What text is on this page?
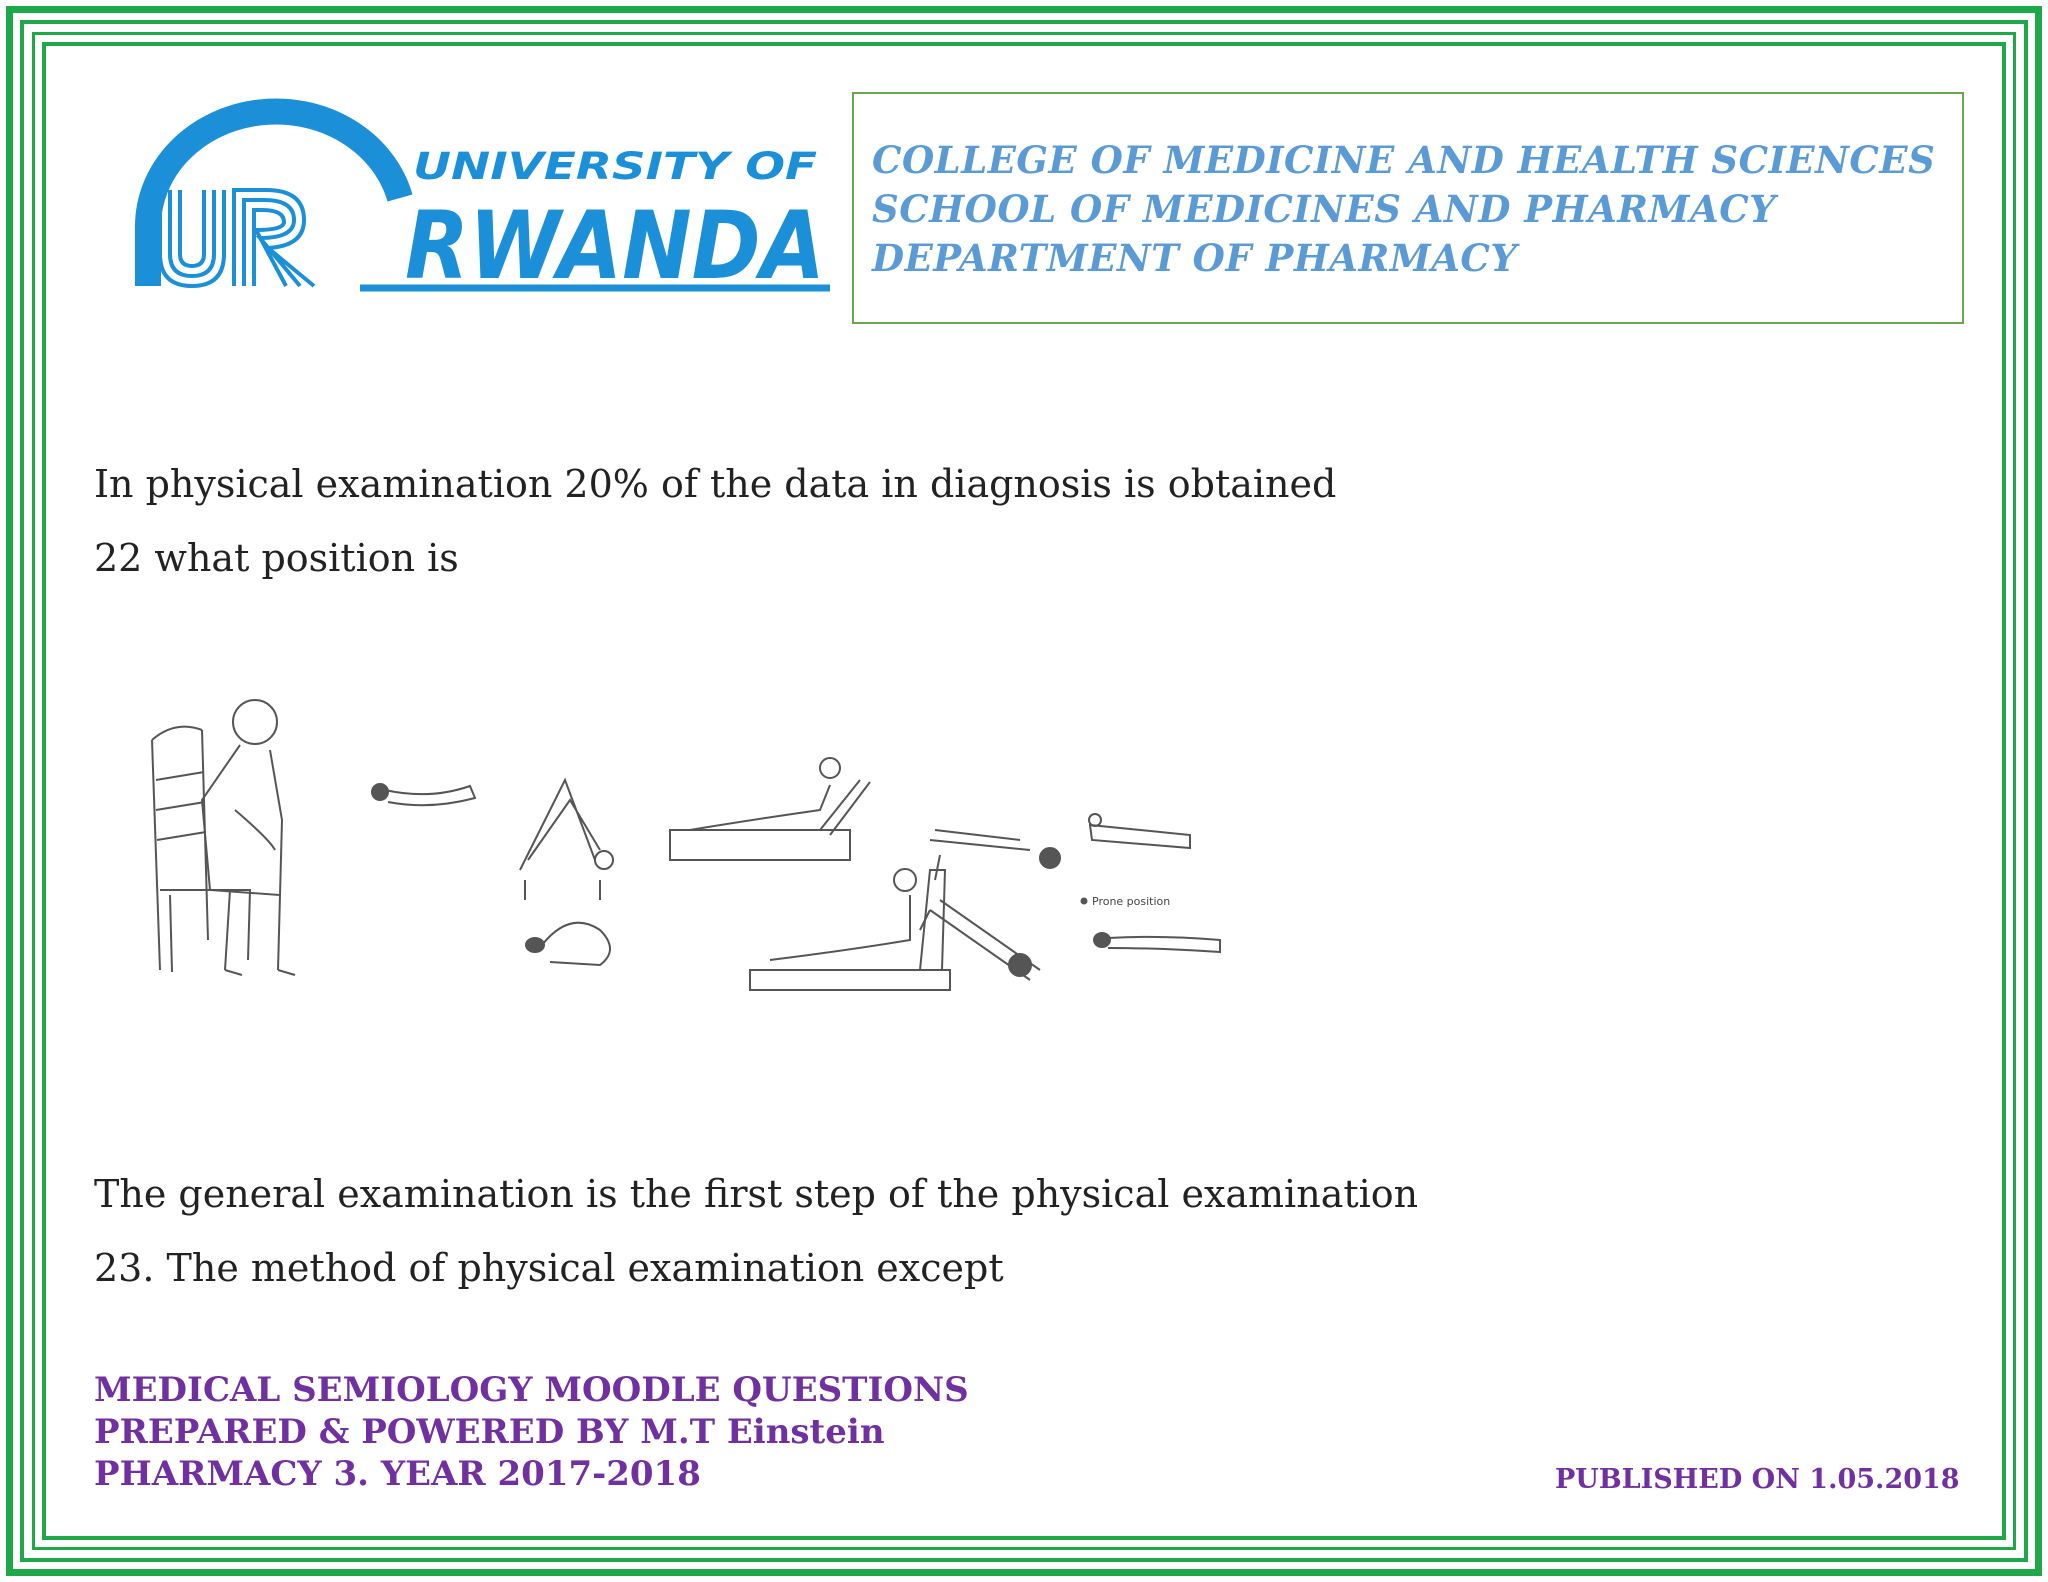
UNIVERSITY OF
RWANDA
COLLEGE OF MEDICINE AND HEALTH SCIENCES
SCHOOL OF MEDICINES AND PHARMACY
DEPARTMENT OF PHARMACY
In physical examination 20% of the data in diagnosis is obtained
22 what position is
Prone position
The general examination is the first step of the physical examination
23. The method of physical examination except
MEDICAL SEMIOLOGY MOODLE QUESTIONS
PREPARED & POWERED BY M.T Einstein
PHARMACY 3. YEAR 2017-2018	PUBLISHED ON 1.05.2018
